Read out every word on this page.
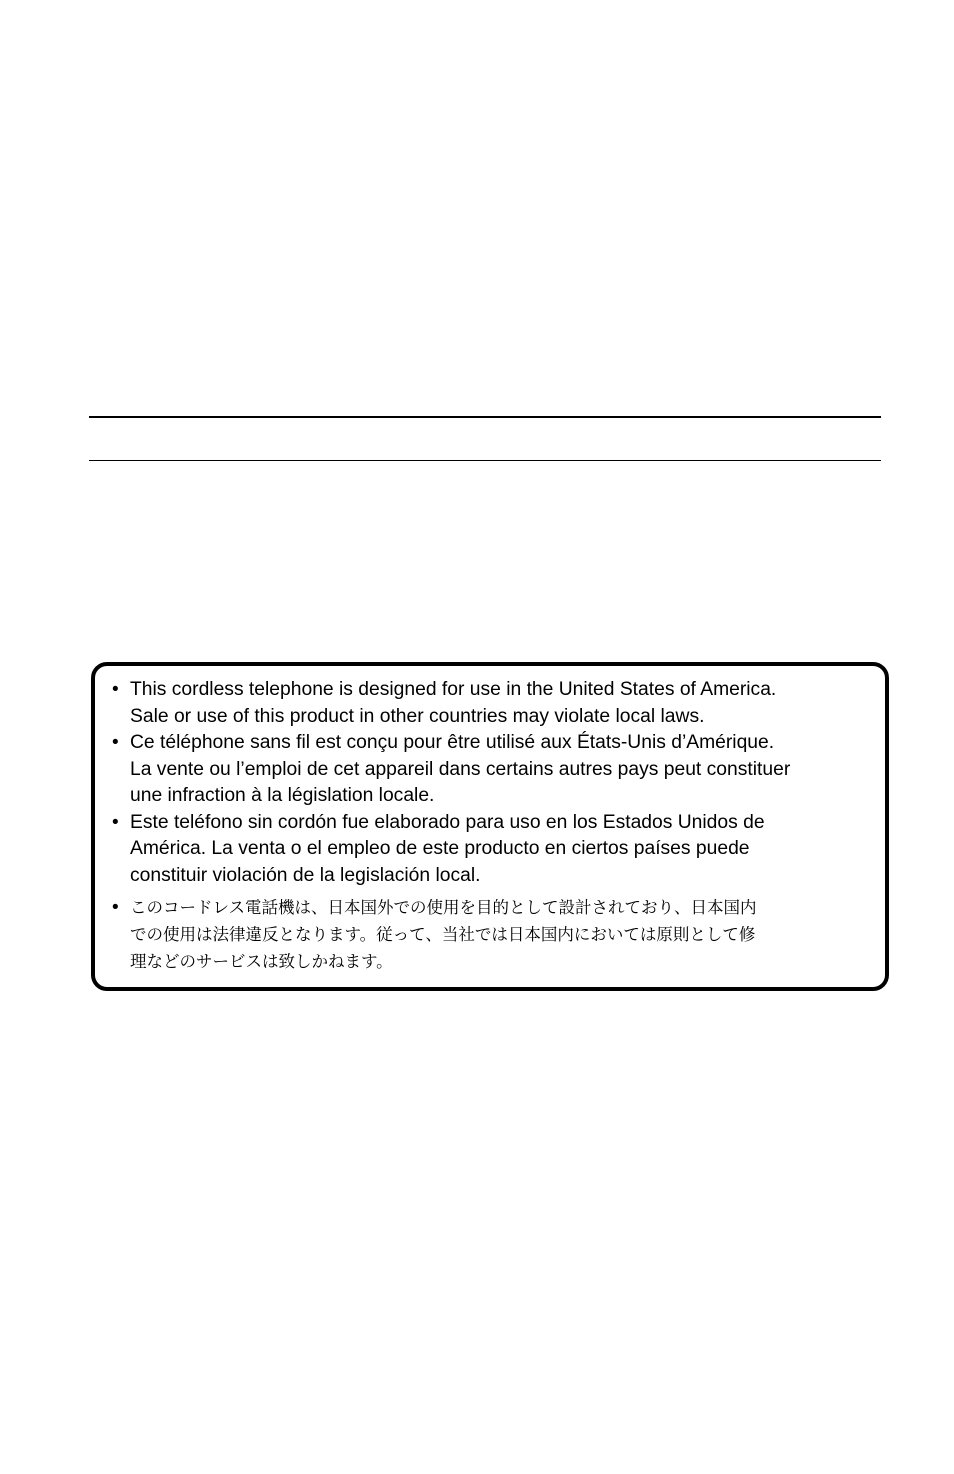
• This cordless telephone is designed for use in the United States of America.
Sale or use of this product in other countries may violate local laws.
• Ce téléphone sans fil est conçu pour être utilisé aux États-Unis d’Amérique.
La vente ou l’emploi de cet appareil dans certains autres pays peut constituer
une infraction à la législation locale.
• Este teléfono sin cordón fue elaborado para uso en los Estados Unidos de
América. La venta o el empleo de este producto en ciertos países puede
constituir violación de la legislación local.
• このコードレス電話機は、日本国外での使用を目的として設計されており、日本国内
での使用は法律違反となります。従って、当社では日本国内においては原則として修
理などのサービスは致しかねます。
